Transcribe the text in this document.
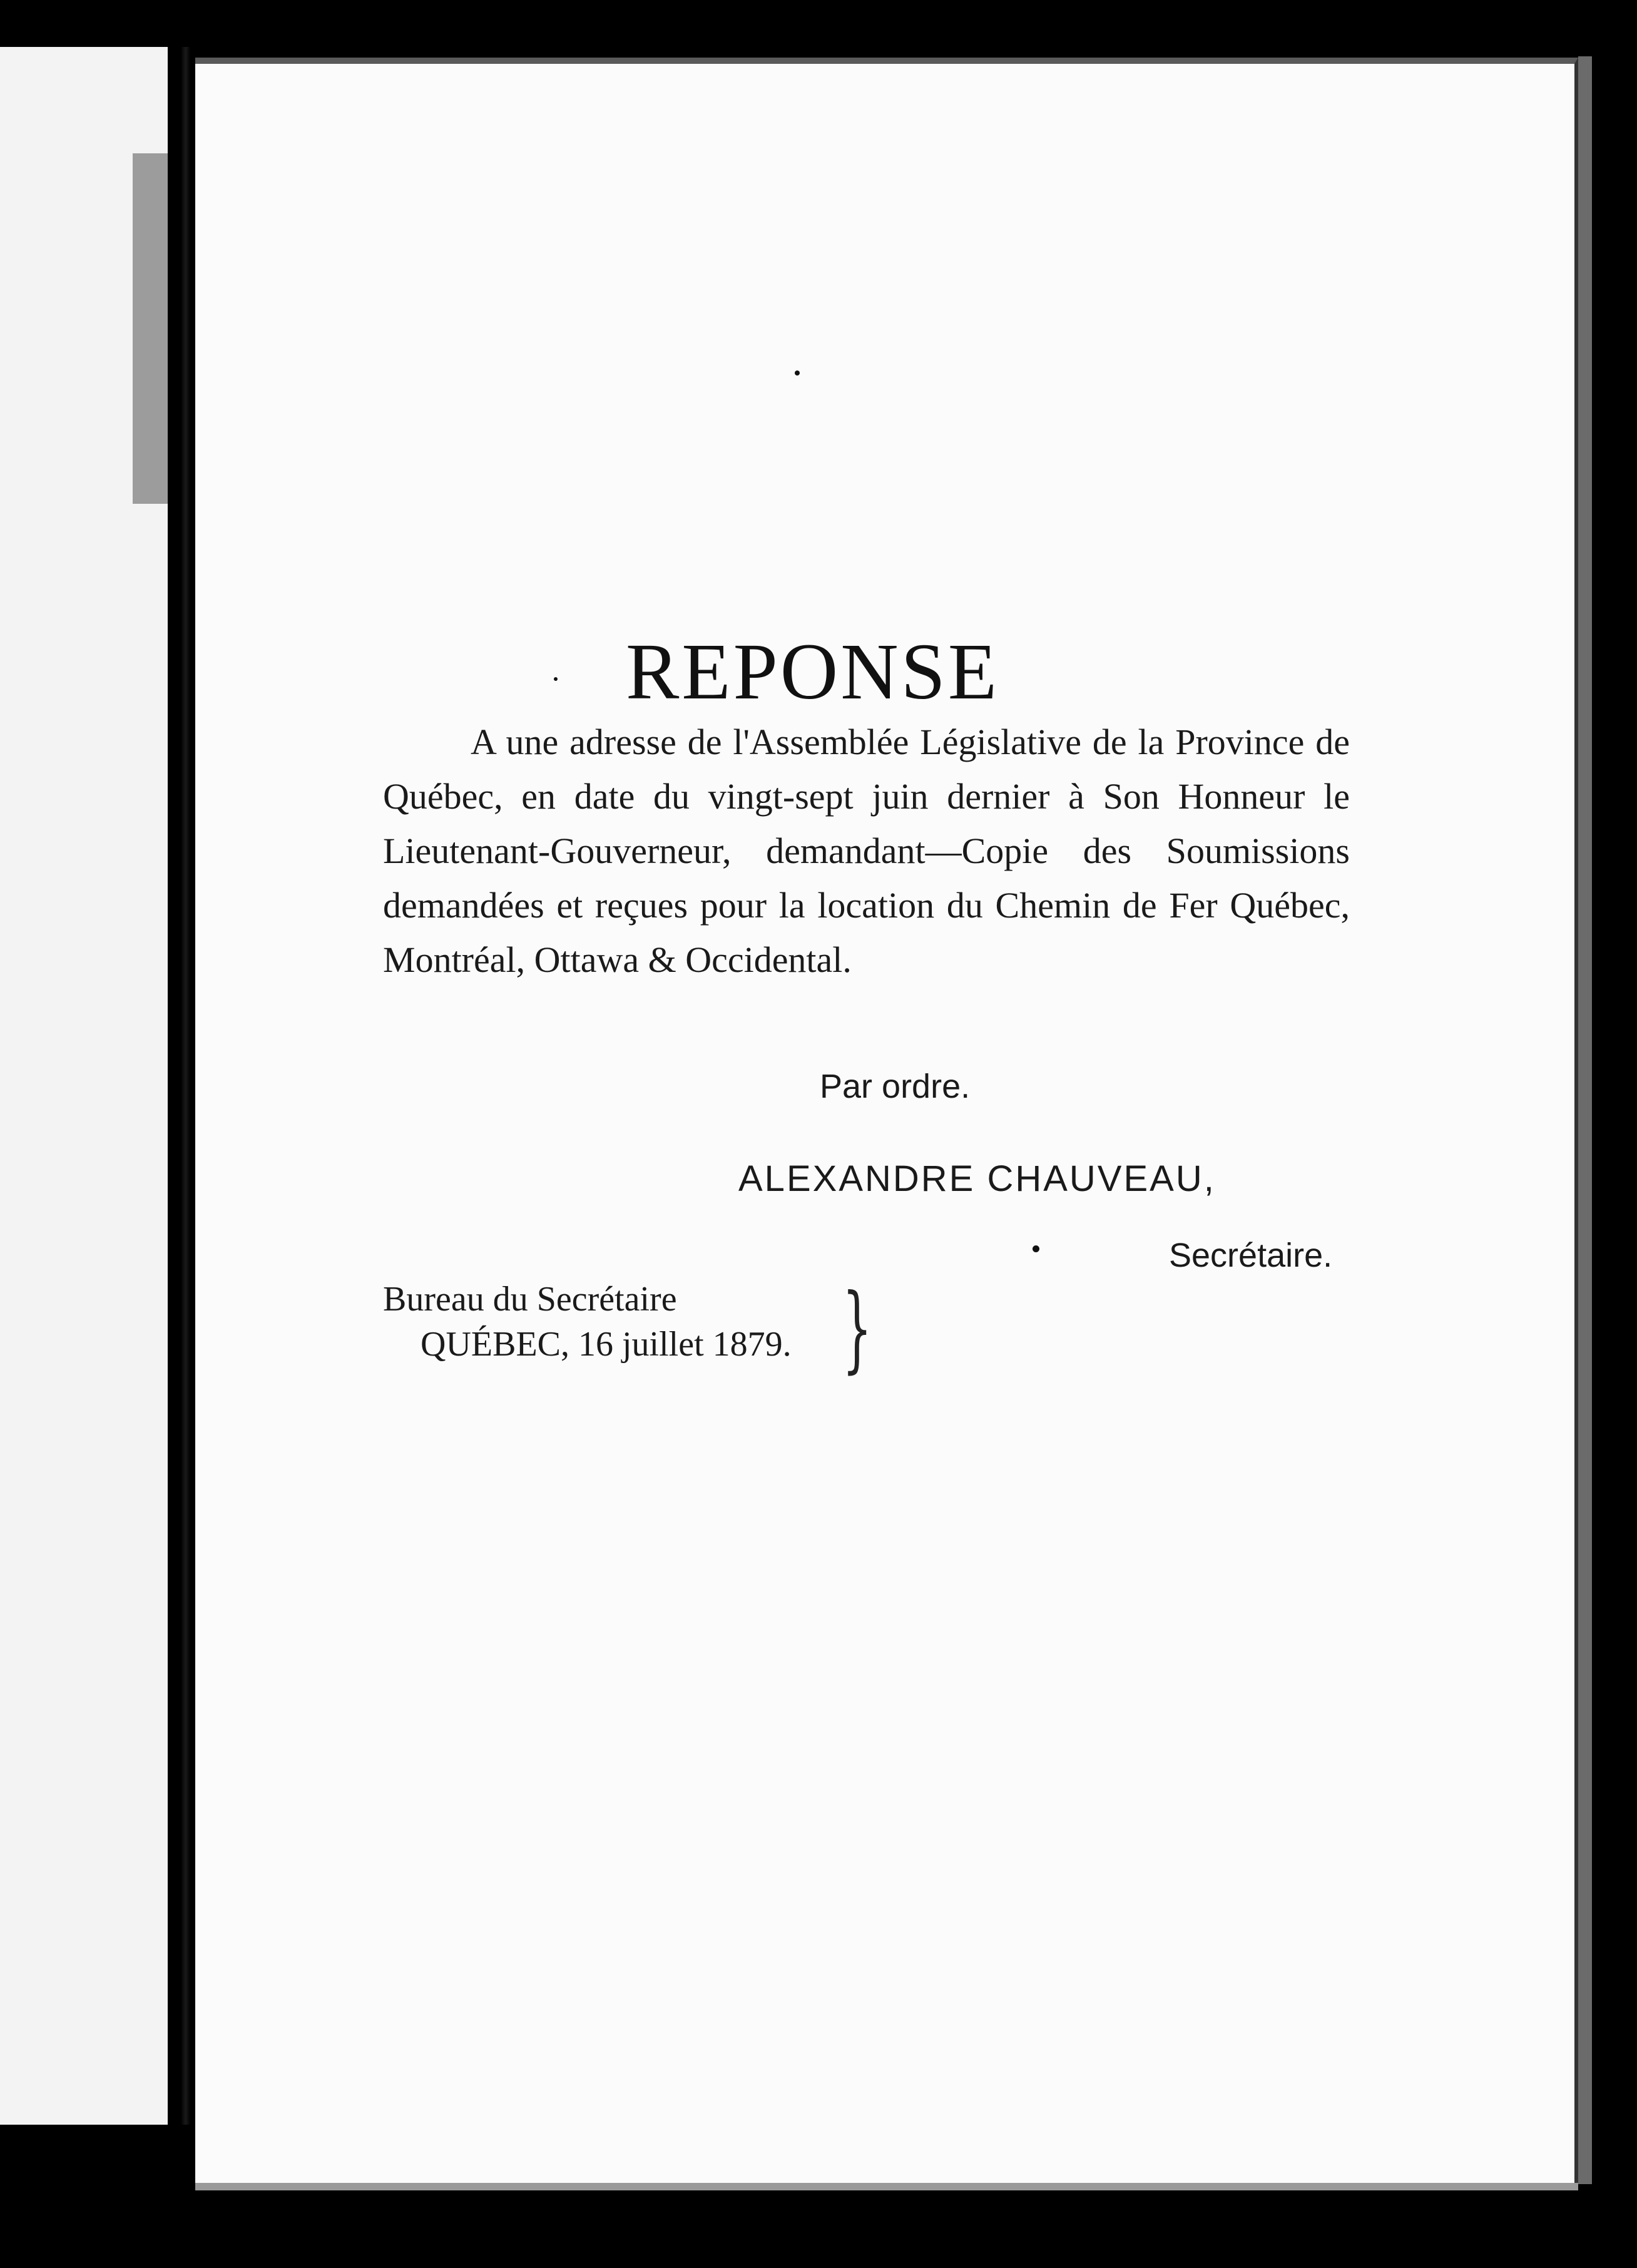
REPONSE

A une adresse de l'Assemblée Législative de la Province de Québec, en date du vingt-sept juin dernier à Son Honneur le Lieutenant-Gouverneur, demandant—Copie des Soumissions demandées et reçues pour la location du Chemin de Fer Québec, Montréal, Ottawa & Occidental.

Par ordre.

ALEXANDRE CHAUVEAU,

Secrétaire.

Bureau du Secrétaire
QUÉBEC, 16 juillet 1879. }
